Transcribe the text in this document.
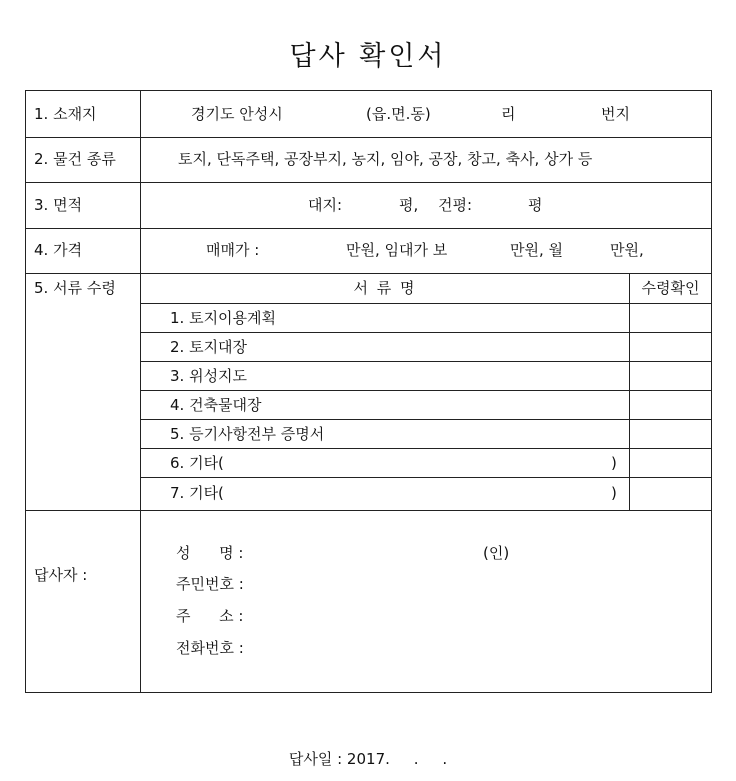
답사 확인서
1. 소재지	경기도 안성시	(읍.면.동)	리	번지
2. 물건 종류	토지, 단독주택, 공장부지, 농지, 임야, 공장, 창고, 축사, 상가 등
3. 면적	대지:	평, 건평:	평
4. 가격	매매가 :	만원, 임대가 보	만원, 월	만원,
5. 서류 수령	서 류 명	수령확인
1. 토지이용계획
2. 토지대장
3. 위성지도
4. 건축물대장
5. 등기사항전부 증명서
6. 기타(	)
7. 기타(	)
답사자 :
성      명 :	(인)
주민번호 :
주      소 :
전화번호 :
답사일 : 2017.     .     .
